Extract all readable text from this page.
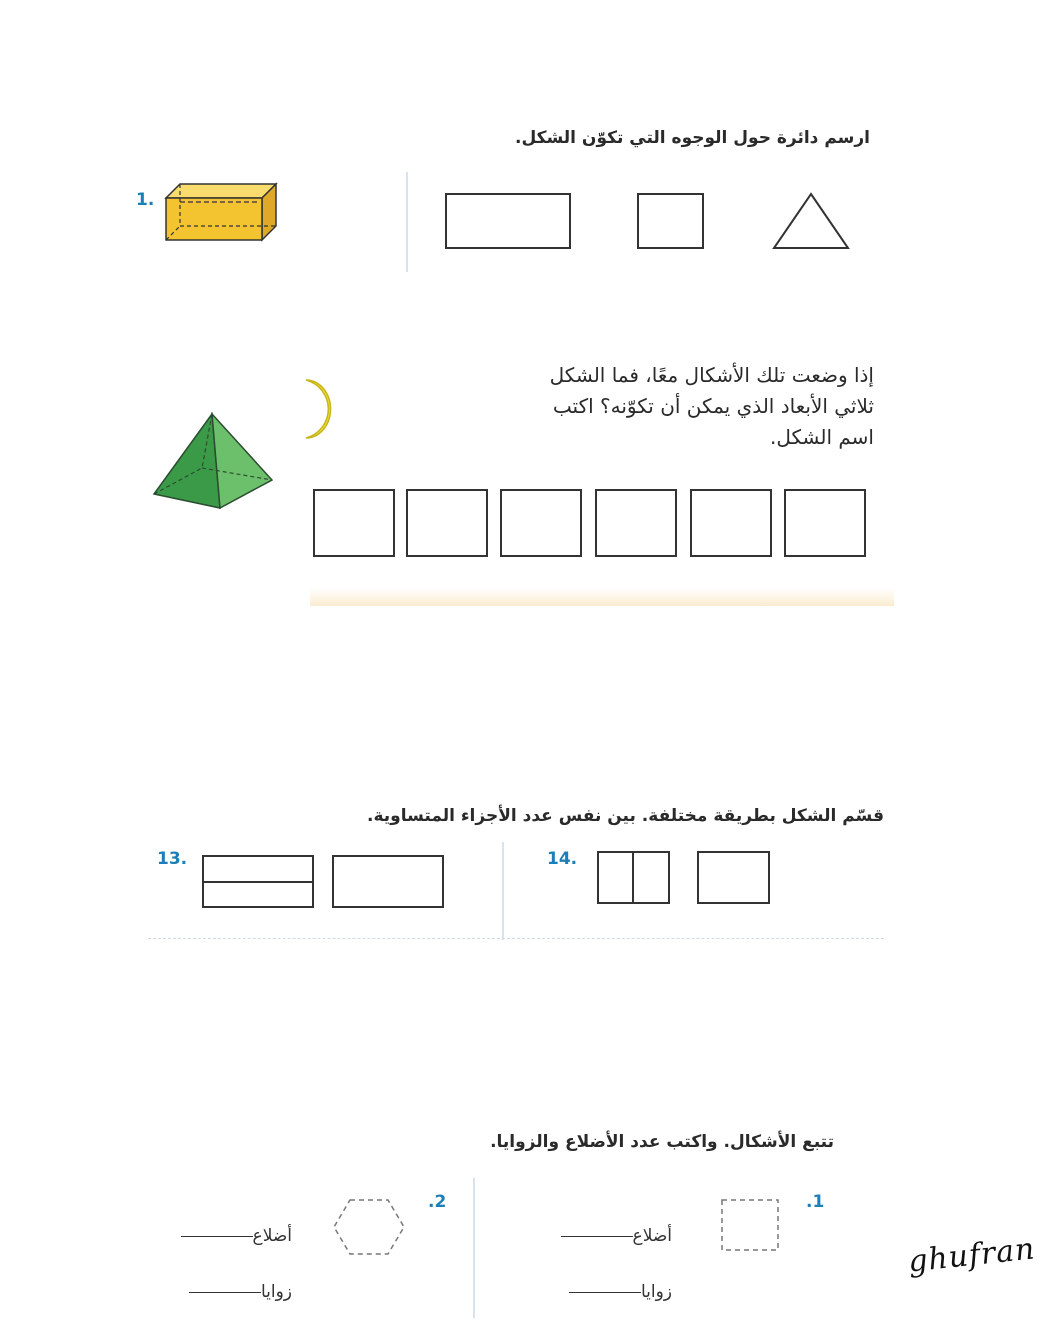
ارسم دائرة حول الوجوه التي تكوّن الشكل.
1.
إذا وضعت تلك الأشكال معًا، فما الشكل
ثلاثي الأبعاد الذي يمكن أن تكوّنه؟ اكتب
اسم الشكل.
قسّم الشكل بطريقة مختلفة. بين نفس عدد الأجزاء المتساوية.
13.	14.
تتبع الأشكال. واكتب عدد الأضلاع والزوايا.
.2
أضلاع
زوايا
.1
أضلاع
زوايا
ghufran
